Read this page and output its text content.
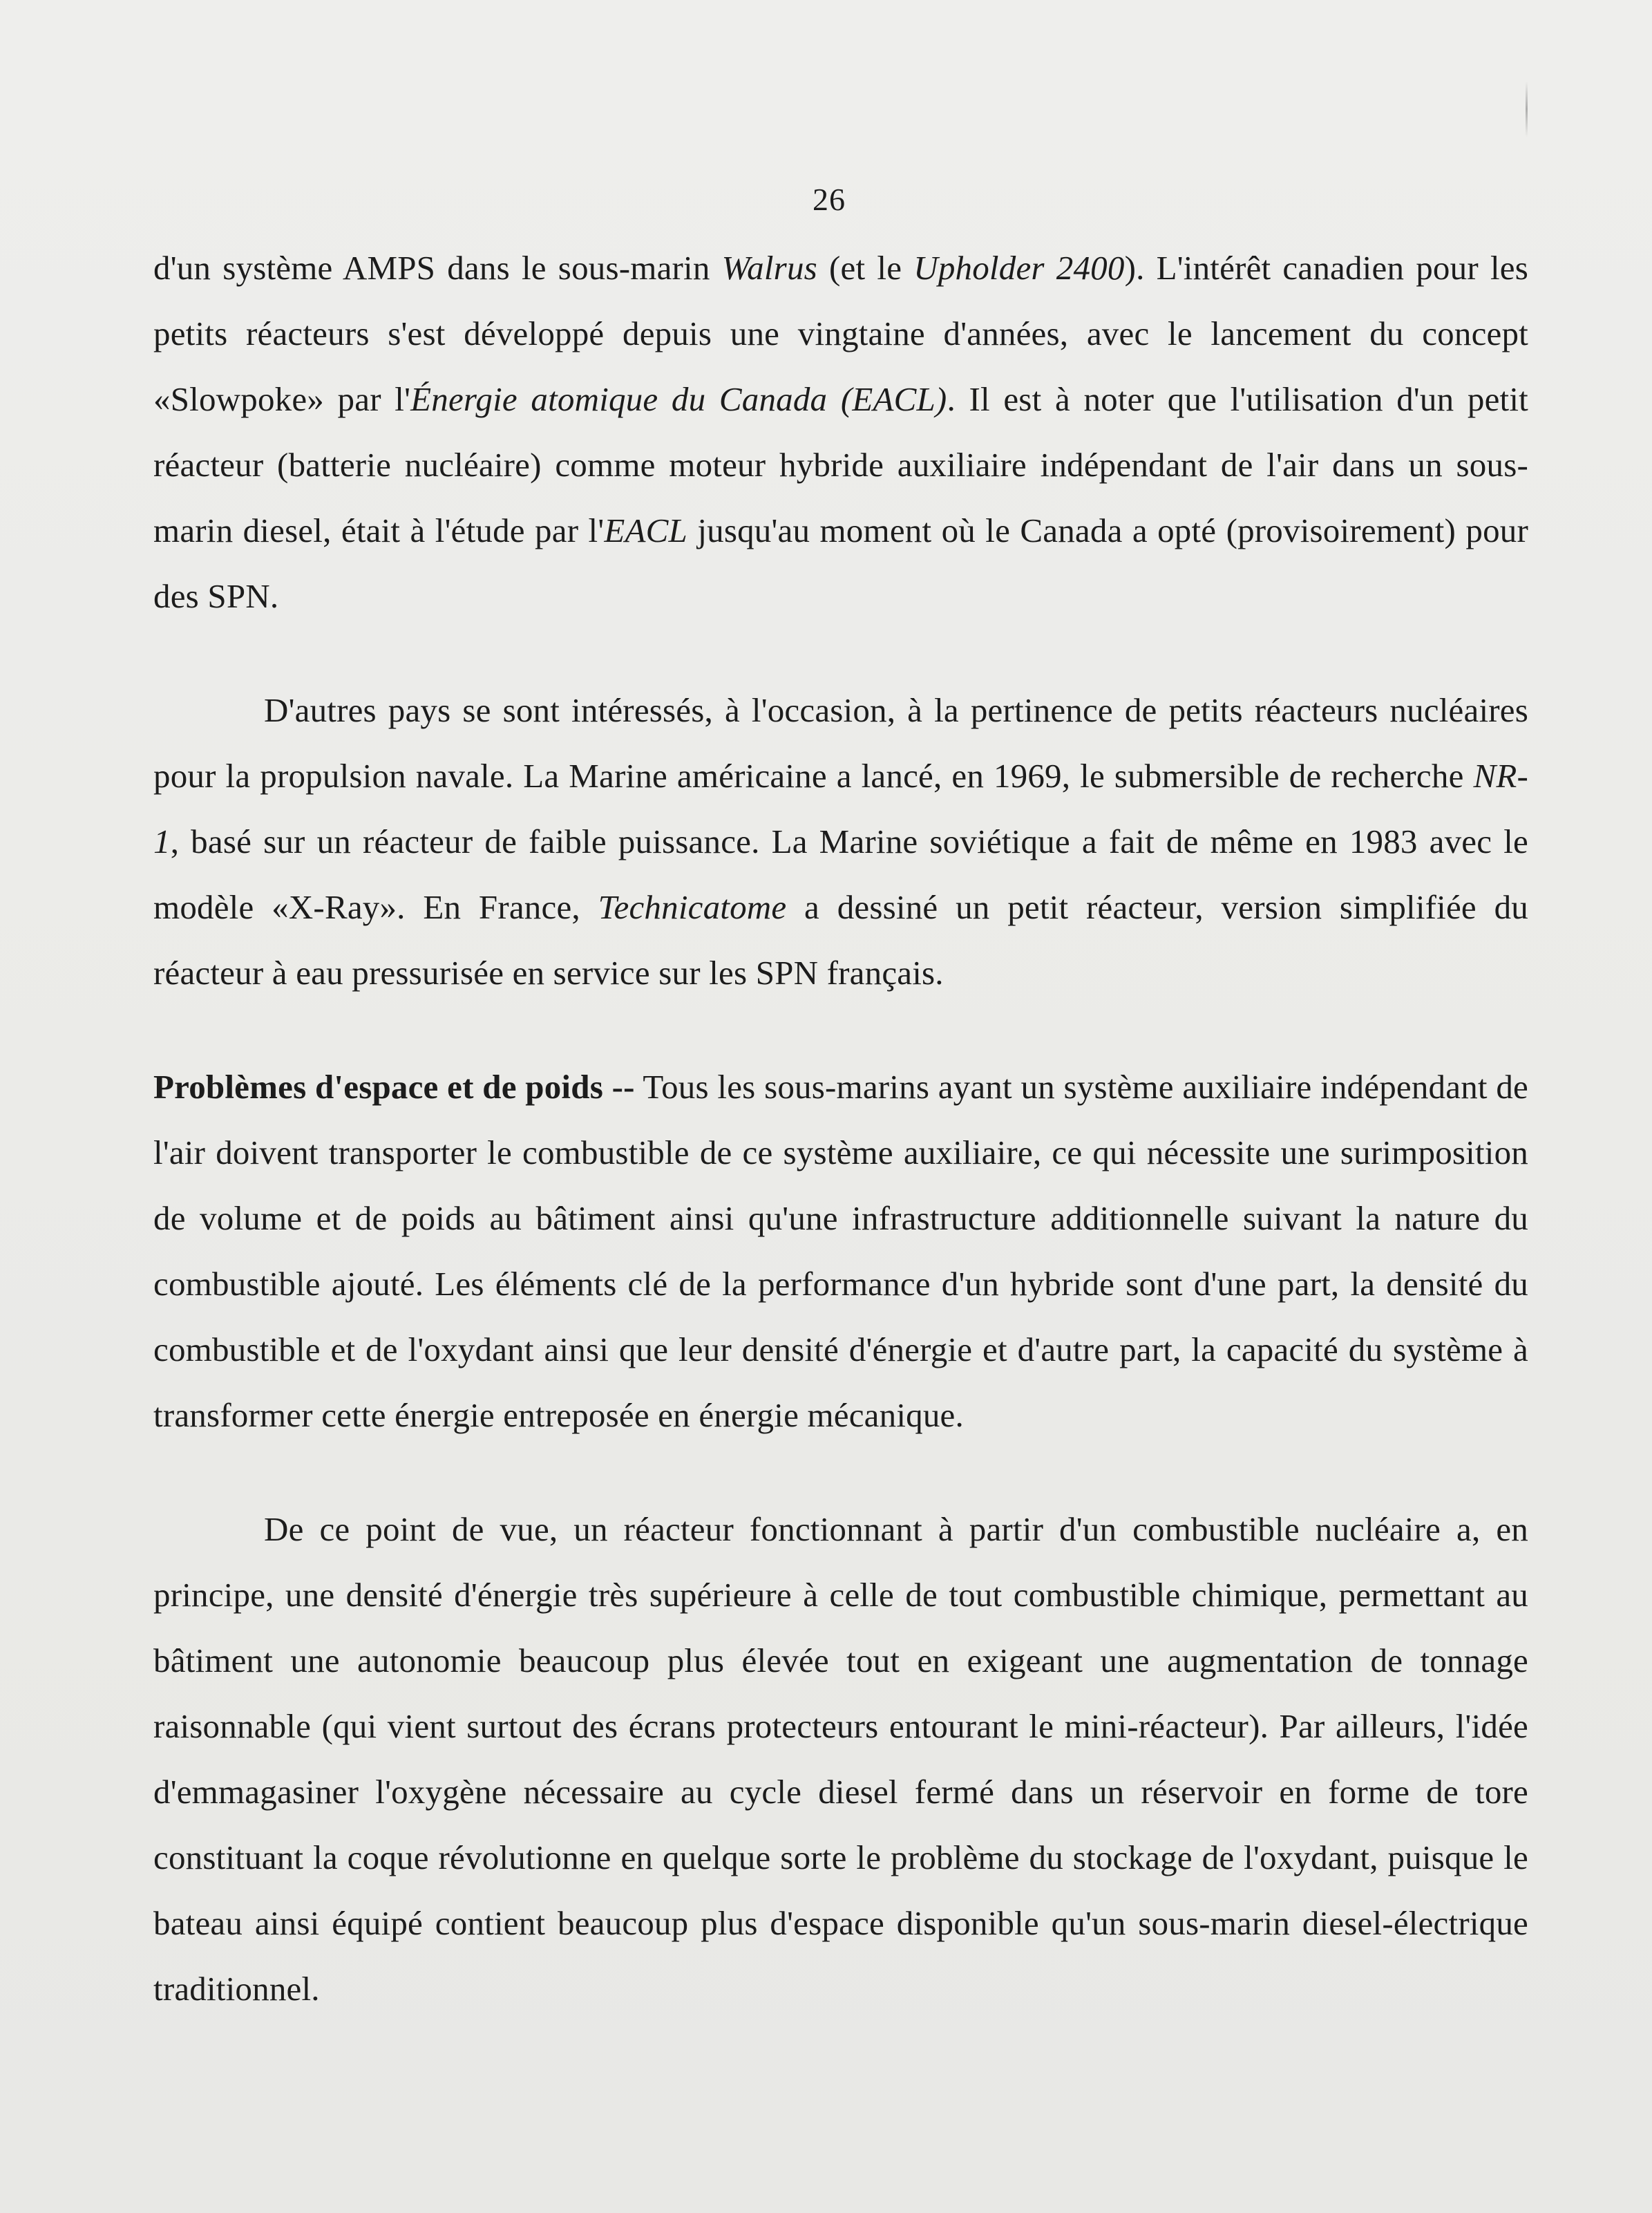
26

d'un système AMPS dans le sous-marin Walrus (et le Upholder 2400). L'intérêt canadien pour les petits réacteurs s'est développé depuis une vingtaine d'années, avec le lancement du concept «Slowpoke» par l'Énergie atomique du Canada (EACL). Il est à noter que l'utilisation d'un petit réacteur (batterie nucléaire) comme moteur hybride auxiliaire indépendant de l'air dans un sous-marin diesel, était à l'étude par l'EACL jusqu'au moment où le Canada a opté (provisoirement) pour des SPN.

D'autres pays se sont intéressés, à l'occasion, à la pertinence de petits réacteurs nucléaires pour la propulsion navale. La Marine américaine a lancé, en 1969, le submersible de recherche NR-1, basé sur un réacteur de faible puissance. La Marine soviétique a fait de même en 1983 avec le modèle «X-Ray». En France, Technicatome a dessiné un petit réacteur, version simplifiée du réacteur à eau pressurisée en service sur les SPN français.

Problèmes d'espace et de poids -- Tous les sous-marins ayant un système auxiliaire indépendant de l'air doivent transporter le combustible de ce système auxiliaire, ce qui nécessite une surimposition de volume et de poids au bâtiment ainsi qu'une infrastructure additionnelle suivant la nature du combustible ajouté. Les éléments clé de la performance d'un hybride sont d'une part, la densité du combustible et de l'oxydant ainsi que leur densité d'énergie et d'autre part, la capacité du système à transformer cette énergie entreposée en énergie mécanique.

De ce point de vue, un réacteur fonctionnant à partir d'un combustible nucléaire a, en principe, une densité d'énergie très supérieure à celle de tout combustible chimique, permettant au bâtiment une autonomie beaucoup plus élevée tout en exigeant une augmentation de tonnage raisonnable (qui vient surtout des écrans protecteurs entourant le mini-réacteur). Par ailleurs, l'idée d'emmagasiner l'oxygène nécessaire au cycle diesel fermé dans un réservoir en forme de tore constituant la coque révolutionne en quelque sorte le problème du stockage de l'oxydant, puisque le bateau ainsi équipé contient beaucoup plus d'espace disponible qu'un sous-marin diesel-électrique traditionnel.
